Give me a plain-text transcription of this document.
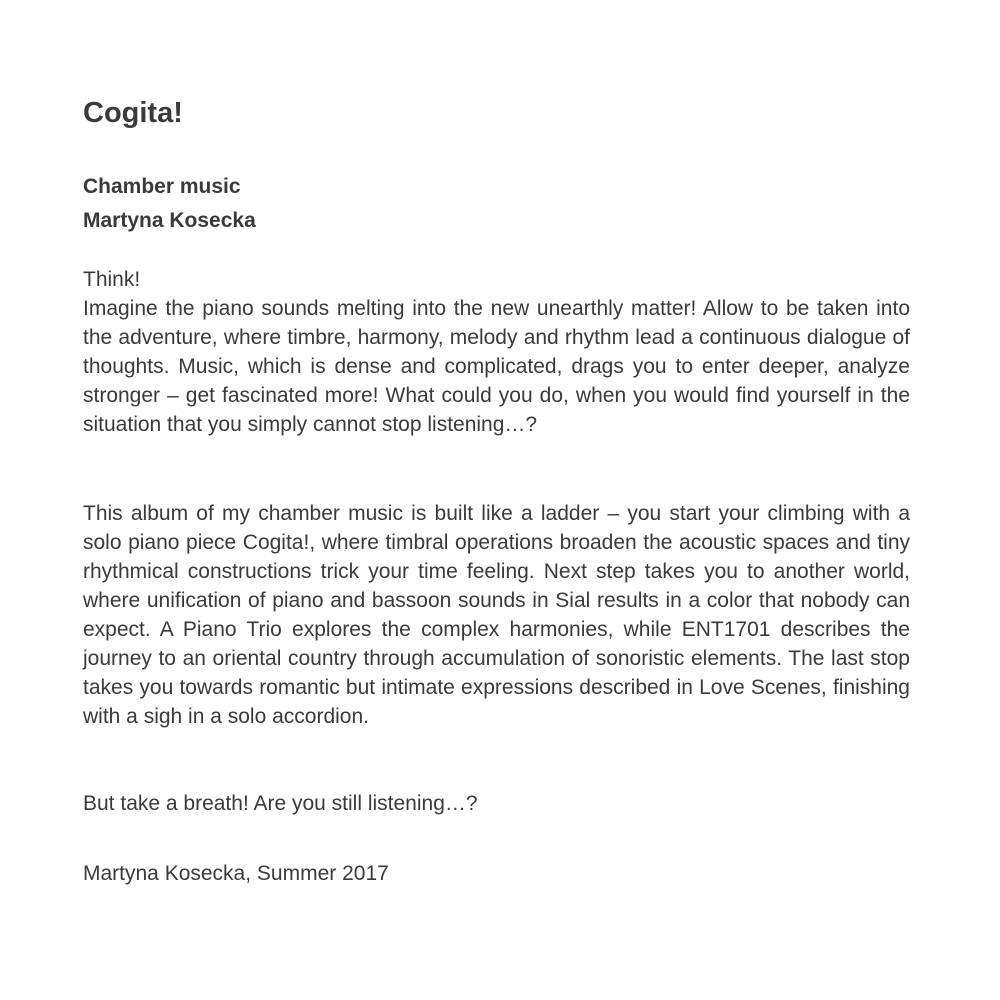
Cogita!
Chamber music
Martyna Kosecka

Think!

Imagine the piano sounds melting into the new unearthly matter! Allow to be taken into the adventure, where timbre, harmony, melody and rhythm lead a continuous dialogue of thoughts. Music, which is dense and complicated, drags you to enter deeper, analyze stronger – get fascinated more! What could you do, when you would find yourself in the situation that you simply cannot stop listening…?

This album of my chamber music is built like a ladder – you start your climbing with a solo piano piece Cogita!, where timbral operations broaden the acoustic spaces and tiny rhythmical constructions trick your time feeling. Next step takes you to another world, where unification of piano and bassoon sounds in Sial results in a color that nobody can expect. A Piano Trio explores the complex harmonies, while ENT1701 describes the journey to an oriental country through accumulation of sonoristic elements. The last stop takes you towards romantic but intimate expressions described in Love Scenes, finishing with a sigh in a solo accordion.

But take a breath! Are you still listening…?

Martyna Kosecka, Summer 2017
